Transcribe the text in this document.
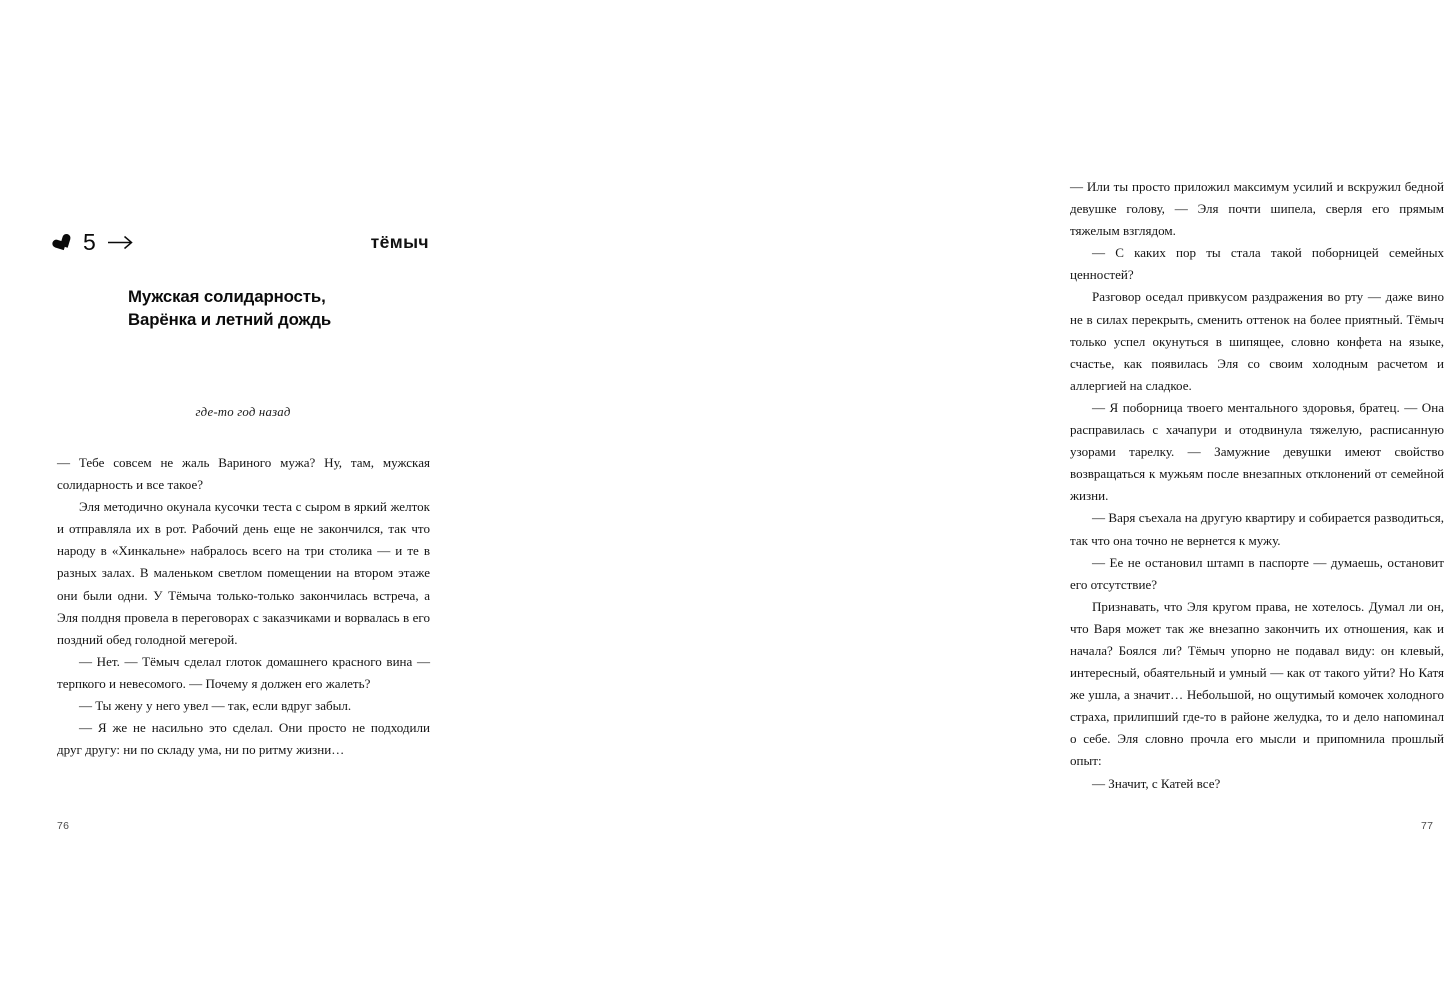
5	тёмыч
Мужская солидарность,
Варёнка и летний дождь
где-то год назад

— Тебе совсем не жаль Вариного мужа? Ну, там, мужская солидарность и все такое?

Эля методично окунала кусочки теста с сыром в яркий желток и отправляла их в рот. Рабочий день еще не закончился, так что народу в «Хинкальне» набралось всего на три столика — и те в разных залах. В маленьком светлом помещении на втором этаже они были одни. У Тёмыча только-только закончилась встреча, а Эля полдня провела в переговорах с заказчиками и ворвалась в его поздний обед голодной мегерой.

— Нет. — Тёмыч сделал глоток домашнего красного вина — терпкого и невесомого. — Почему я должен его жалеть?

— Ты жену у него увел — так, если вдруг забыл.

— Я же не насильно это сделал. Они просто не подходили друг другу: ни по складу ума, ни по ритму жизни…

76

— Или ты просто приложил максимум усилий и вскружил бедной девушке голову, — Эля почти шипела, сверля его прямым тяжелым взглядом.

— С каких пор ты стала такой поборницей семейных ценностей?

Разговор оседал привкусом раздражения во рту — даже вино не в силах перекрыть, сменить оттенок на более приятный. Тёмыч только успел окунуться в шипящее, словно конфета на языке, счастье, как появилась Эля со своим холодным расчетом и аллергией на сладкое.

— Я поборница твоего ментального здоровья, братец. — Она расправилась с хачапури и отодвинула тяжелую, расписанную узорами тарелку. — Замужние девушки имеют свойство возвращаться к мужьям после внезапных отклонений от семейной жизни.

— Варя съехала на другую квартиру и собирается разводиться, так что она точно не вернется к мужу.

— Ее не остановил штамп в паспорте — думаешь, остановит его отсутствие?

Признавать, что Эля кругом права, не хотелось. Думал ли он, что Варя может так же внезапно закончить их отношения, как и начала? Боялся ли? Тёмыч упорно не подавал виду: он клевый, интересный, обаятельный и умный — как от такого уйти? Но Катя же ушла, а значит… Небольшой, но ощутимый комочек холодного страха, прилипший где-то в районе желудка, то и дело напоминал о себе. Эля словно прочла его мысли и припомнила прошлый опыт:

— Значит, с Катей все?

77
